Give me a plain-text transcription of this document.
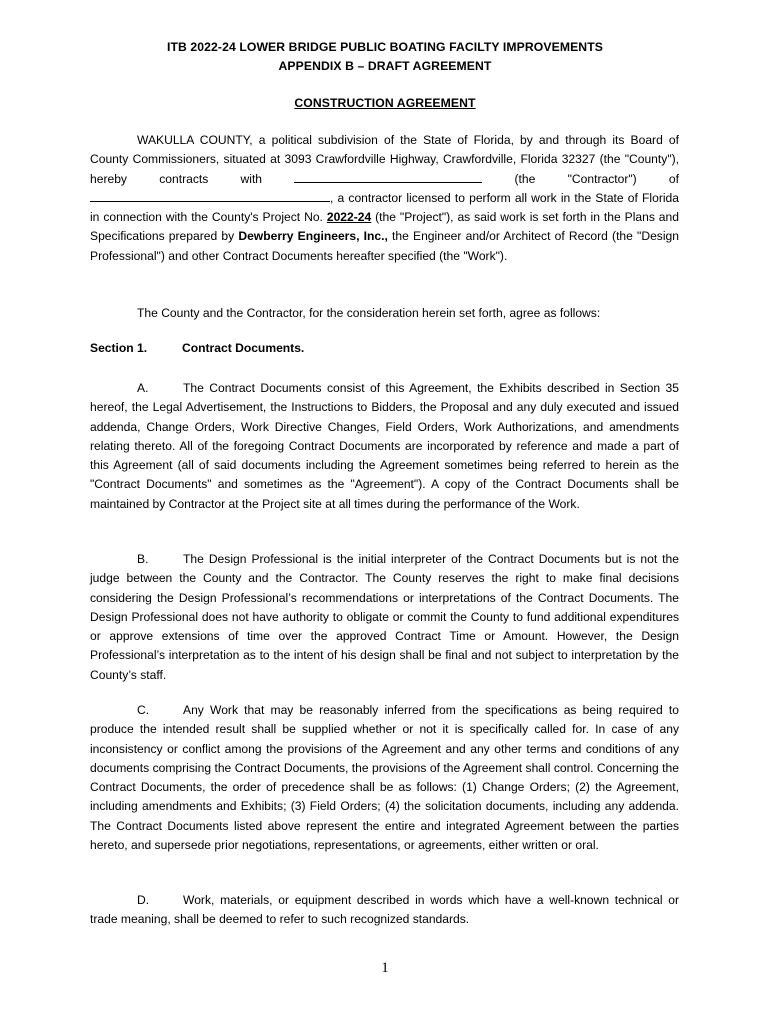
ITB 2022-24 LOWER BRIDGE PUBLIC BOATING FACILTY IMPROVEMENTS
APPENDIX B – DRAFT AGREEMENT
CONSTRUCTION AGREEMENT

WAKULLA COUNTY, a political subdivision of the State of Florida, by and through its Board of County Commissioners, situated at 3093 Crawfordville Highway, Crawfordville, Florida 32327 (the "County"), hereby contracts with	(the "Contractor") of , a contractor licensed to perform all work in the State of Florida in connection with the County's Project No. 2022-24 (the "Project"), as said work is set forth in the Plans and Specifications prepared by Dewberry Engineers, Inc., the Engineer and/or Architect of Record (the "Design Professional") and other Contract Documents hereafter specified (the "Work").

The County and the Contractor, for the consideration herein set forth, agree as follows:

Section 1.	Contract Documents.

A.	The Contract Documents consist of this Agreement, the Exhibits described in Section 35 hereof, the Legal Advertisement, the Instructions to Bidders, the Proposal and any duly executed and issued addenda, Change Orders, Work Directive Changes, Field Orders, Work Authorizations, and amendments relating thereto. All of the foregoing Contract Documents are incorporated by reference and made a part of this Agreement (all of said documents including the Agreement sometimes being referred to herein as the "Contract Documents" and sometimes as the "Agreement"). A copy of the Contract Documents shall be maintained by Contractor at the Project site at all times during the performance of the Work.

B.	The Design Professional is the initial interpreter of the Contract Documents but is not the judge between the County and the Contractor. The County reserves the right to make final decisions considering the Design Professional’s recommendations or interpretations of the Contract Documents. The Design Professional does not have authority to obligate or commit the County to fund additional expenditures or approve extensions of time over the approved Contract Time or Amount. However, the Design Professional’s interpretation as to the intent of his design shall be final and not subject to interpretation by the County’s staff.

C.	Any Work that may be reasonably inferred from the specifications as being required to produce the intended result shall be supplied whether or not it is specifically called for. In case of any inconsistency or conflict among the provisions of the Agreement and any other terms and conditions of any documents comprising the Contract Documents, the provisions of the Agreement shall control. Concerning the Contract Documents, the order of precedence shall be as follows: (1) Change Orders; (2) the Agreement, including amendments and Exhibits; (3) Field Orders; (4) the solicitation documents, including any addenda. The Contract Documents listed above represent the entire and integrated Agreement between the parties hereto, and supersede prior negotiations, representations, or agreements, either written or oral.

D.	Work, materials, or equipment described in words which have a well-known technical or trade meaning, shall be deemed to refer to such recognized standards.

1
